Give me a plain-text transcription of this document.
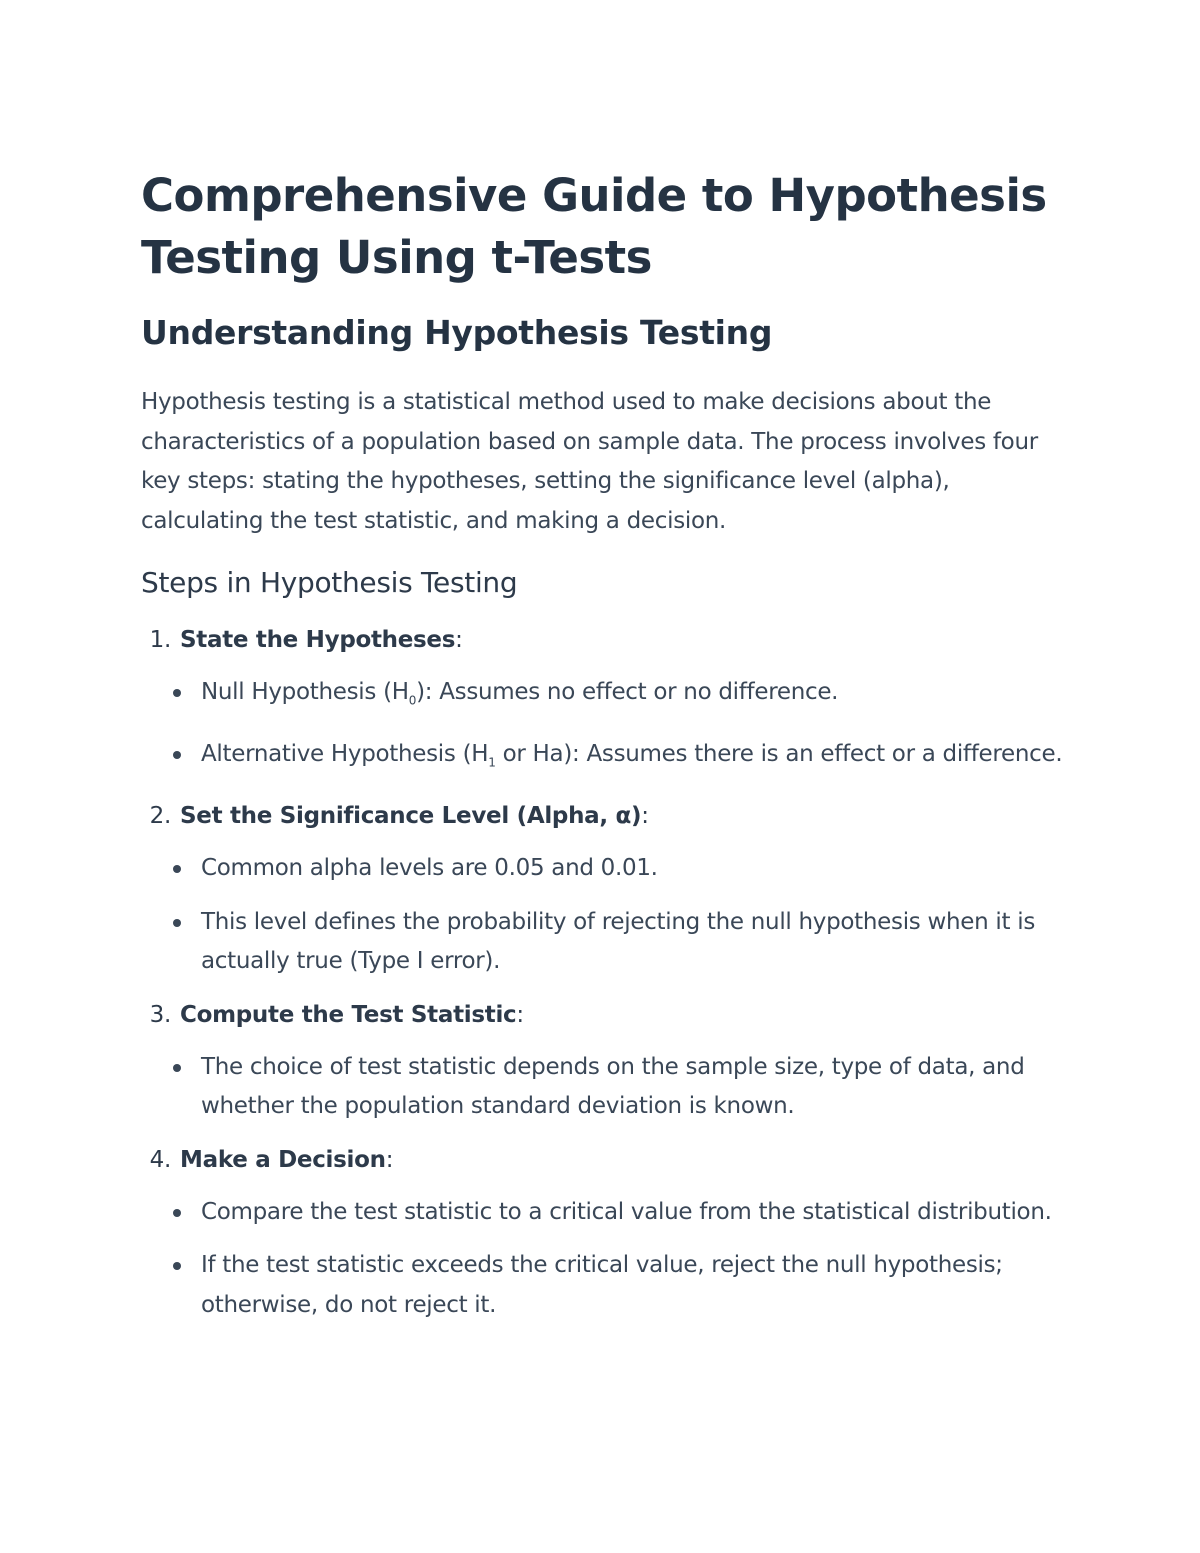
Comprehensive Guide to Hypothesis Testing Using t-Tests
Understanding Hypothesis Testing

Hypothesis testing is a statistical method used to make decisions about the characteristics of a population based on sample data. The process involves four key steps: stating the hypotheses, setting the significance level (alpha), calculating the test statistic, and making a decision.

Steps in Hypothesis Testing
1. State the Hypotheses:
Null Hypothesis $(H_0)$: Assumes no effect or no difference.
Alternative Hypothesis ($H_1$ or Ha): Assumes there is an effect or a difference.
2. Set the Significance Level (Alpha, α):
Common alpha levels are 0.05 and 0.01.
This level defines the probability of rejecting the null hypothesis when it is actually true (Type I error).
3. Compute the Test Statistic:
The choice of test statistic depends on the sample size, type of data, and whether the population standard deviation is known.
4. Make a Decision:
Compare the test statistic to a critical value from the statistical distribution.
If the test statistic exceeds the critical value, reject the null hypothesis; otherwise, do not reject it.
